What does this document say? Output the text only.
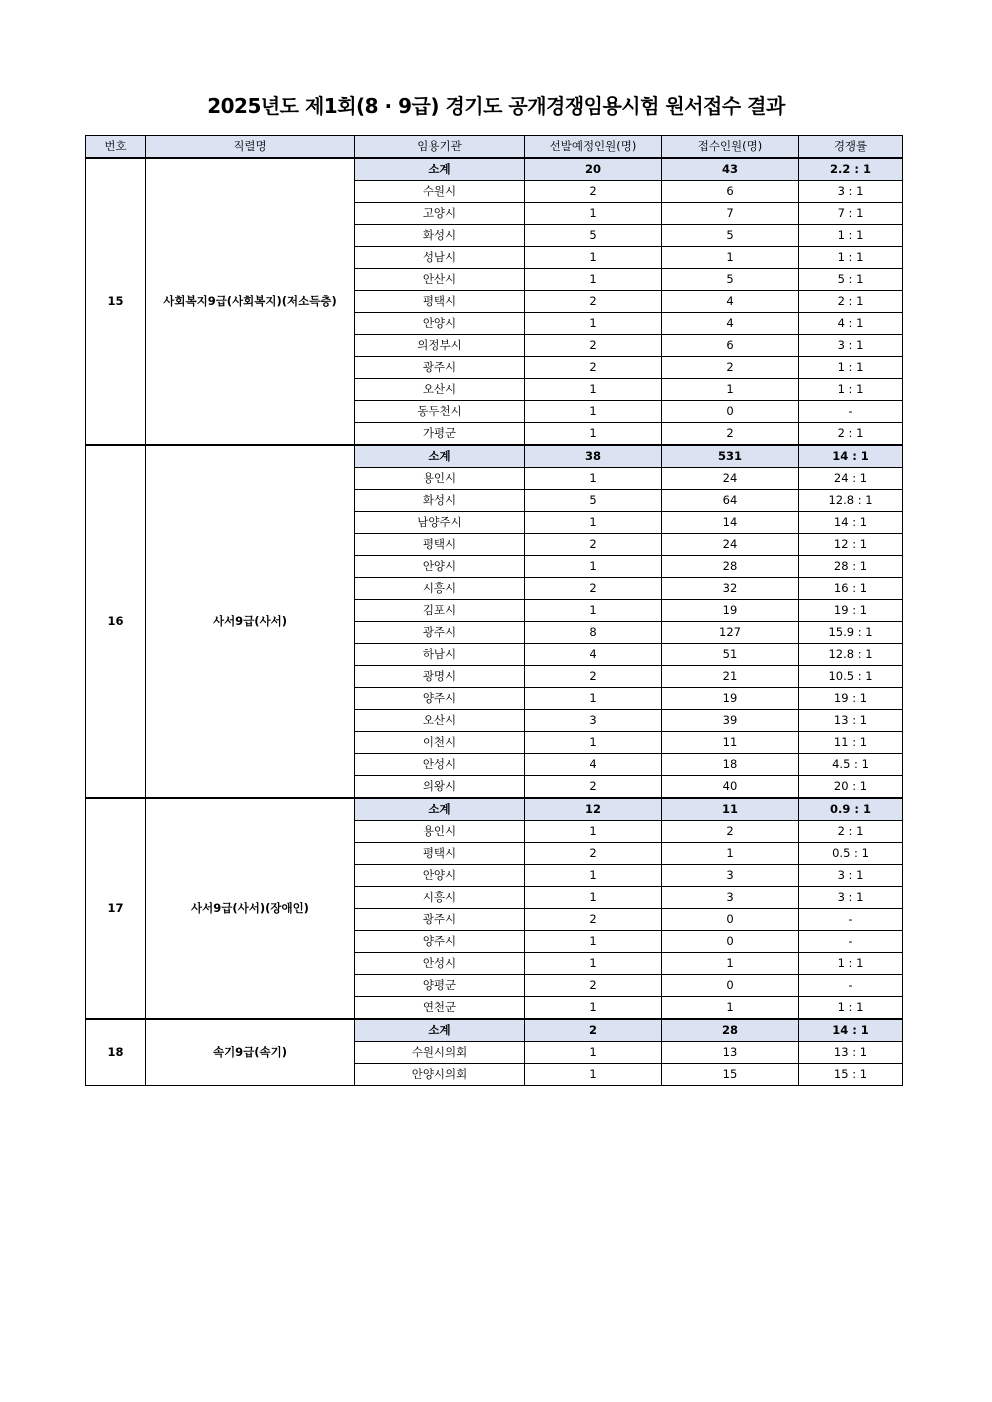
2025년도 제1회(8 · 9급) 경기도 공개경쟁임용시험 원서접수 결과
번호	직렬명	임용기관	선발예정인원(명)	접수인원(명)	경쟁률
15	사회복지9급(사회복지)(저소득층)	소계	20	43	2.2 : 1
		수원시	2	6	3 : 1
		고양시	1	7	7 : 1
		화성시	5	5	1 : 1
		성남시	1	1	1 : 1
		안산시	1	5	5 : 1
		평택시	2	4	2 : 1
		안양시	1	4	4 : 1
		의정부시	2	6	3 : 1
		광주시	2	2	1 : 1
		오산시	1	1	1 : 1
		동두천시	1	0	-
		가평군	1	2	2 : 1
16	사서9급(사서)	소계	38	531	14 : 1
		용인시	1	24	24 : 1
		화성시	5	64	12.8 : 1
		남양주시	1	14	14 : 1
		평택시	2	24	12 : 1
		안양시	1	28	28 : 1
		시흥시	2	32	16 : 1
		김포시	1	19	19 : 1
		광주시	8	127	15.9 : 1
		하남시	4	51	12.8 : 1
		광명시	2	21	10.5 : 1
		양주시	1	19	19 : 1
		오산시	3	39	13 : 1
		이천시	1	11	11 : 1
		안성시	4	18	4.5 : 1
		의왕시	2	40	20 : 1
17	사서9급(사서)(장애인)	소계	12	11	0.9 : 1
		용인시	1	2	2 : 1
		평택시	2	1	0.5 : 1
		안양시	1	3	3 : 1
		시흥시	1	3	3 : 1
		광주시	2	0	-
		양주시	1	0	-
		안성시	1	1	1 : 1
		양평군	2	0	-
		연천군	1	1	1 : 1
18	속기9급(속기)	소계	2	28	14 : 1
		수원시의회	1	13	13 : 1
		안양시의회	1	15	15 : 1
